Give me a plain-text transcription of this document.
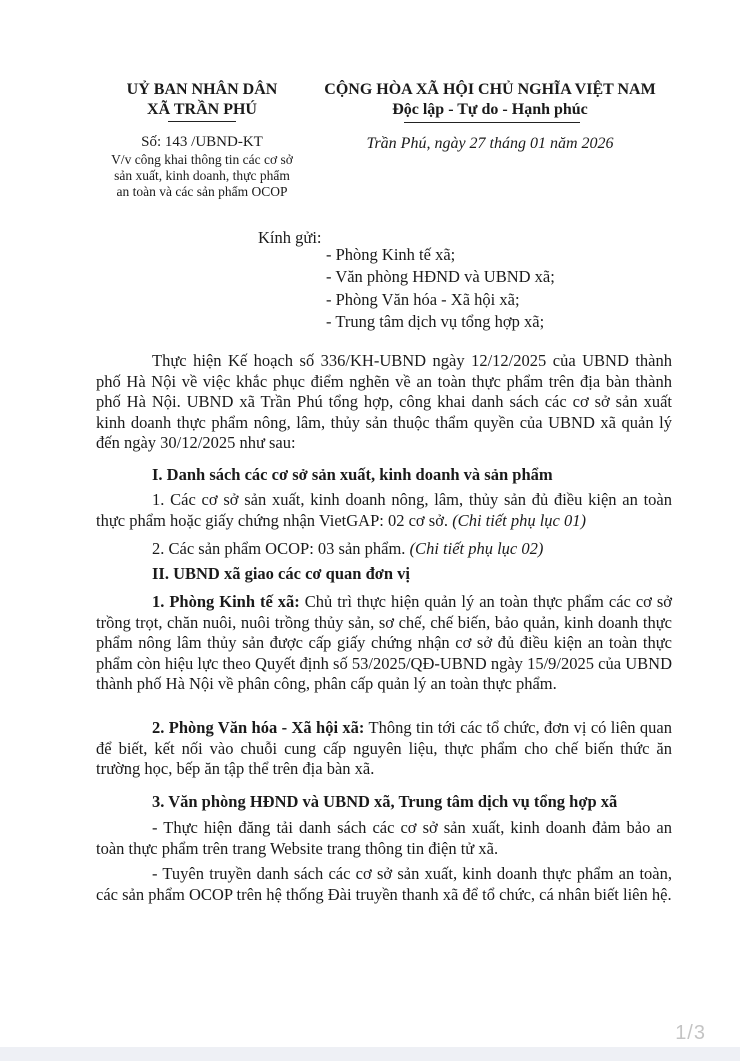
UỶ BAN NHÂN DÂN
XÃ TRẦN PHÚ
CỘNG HÒA XÃ HỘI CHỦ NGHĨA VIỆT NAM
Độc lập - Tự do - Hạnh phúc
Số: 143 /UBND-KT
V/v công khai thông tin các cơ sở
sản xuất, kinh doanh, thực phẩm
an toàn và các sản phẩm OCOP
Trần Phú, ngày 27 tháng 01 năm 2026
Kính gửi:
- Phòng Kinh tế xã;
- Văn phòng HĐND và UBND xã;
- Phòng Văn hóa - Xã hội xã;
- Trung tâm dịch vụ tổng hợp xã;

Thực hiện Kế hoạch số 336/KH-UBND ngày 12/12/2025 của UBND thành phố Hà Nội về việc khắc phục điểm nghẽn về an toàn thực phẩm trên địa bàn thành phố Hà Nội. UBND xã Trần Phú tổng hợp, công khai danh sách các cơ sở sản xuất kinh doanh thực phẩm nông, lâm, thủy sản thuộc thẩm quyền của UBND xã quản lý đến ngày 30/12/2025 như sau:

I. Danh sách các cơ sở sản xuất, kinh doanh và sản phẩm

1. Các cơ sở sản xuất, kinh doanh nông, lâm, thủy sản đủ điều kiện an toàn thực phẩm hoặc giấy chứng nhận VietGAP: 02 cơ sở. (Chi tiết phụ lục 01)

2. Các sản phẩm OCOP: 03 sản phẩm. (Chi tiết phụ lục 02)

II. UBND xã giao các cơ quan đơn vị

1. Phòng Kinh tế xã: Chủ trì thực hiện quản lý an toàn thực phẩm các cơ sở trồng trọt, chăn nuôi, nuôi trồng thủy sản, sơ chế, chế biến, bảo quản, kinh doanh thực phẩm nông lâm thủy sản được cấp giấy chứng nhận cơ sở đủ điều kiện an toàn thực phẩm còn hiệu lực theo Quyết định số 53/2025/QĐ-UBND ngày 15/9/2025 của UBND thành phố Hà Nội về phân công, phân cấp quản lý an toàn thực phẩm.

2. Phòng Văn hóa - Xã hội xã: Thông tin tới các tổ chức, đơn vị có liên quan để biết, kết nối vào chuỗi cung cấp nguyên liệu, thực phẩm cho chế biến thức ăn trường học, bếp ăn tập thể trên địa bàn xã.

3. Văn phòng HĐND và UBND xã, Trung tâm dịch vụ tổng hợp xã

- Thực hiện đăng tải danh sách các cơ sở sản xuất, kinh doanh đảm bảo an toàn thực phẩm trên trang Website trang thông tin điện tử xã.

- Tuyên truyền danh sách các cơ sở sản xuất, kinh doanh thực phẩm an toàn, các sản phẩm OCOP trên hệ thống Đài truyền thanh xã để tổ chức, cá nhân biết liên hệ.

1/3
